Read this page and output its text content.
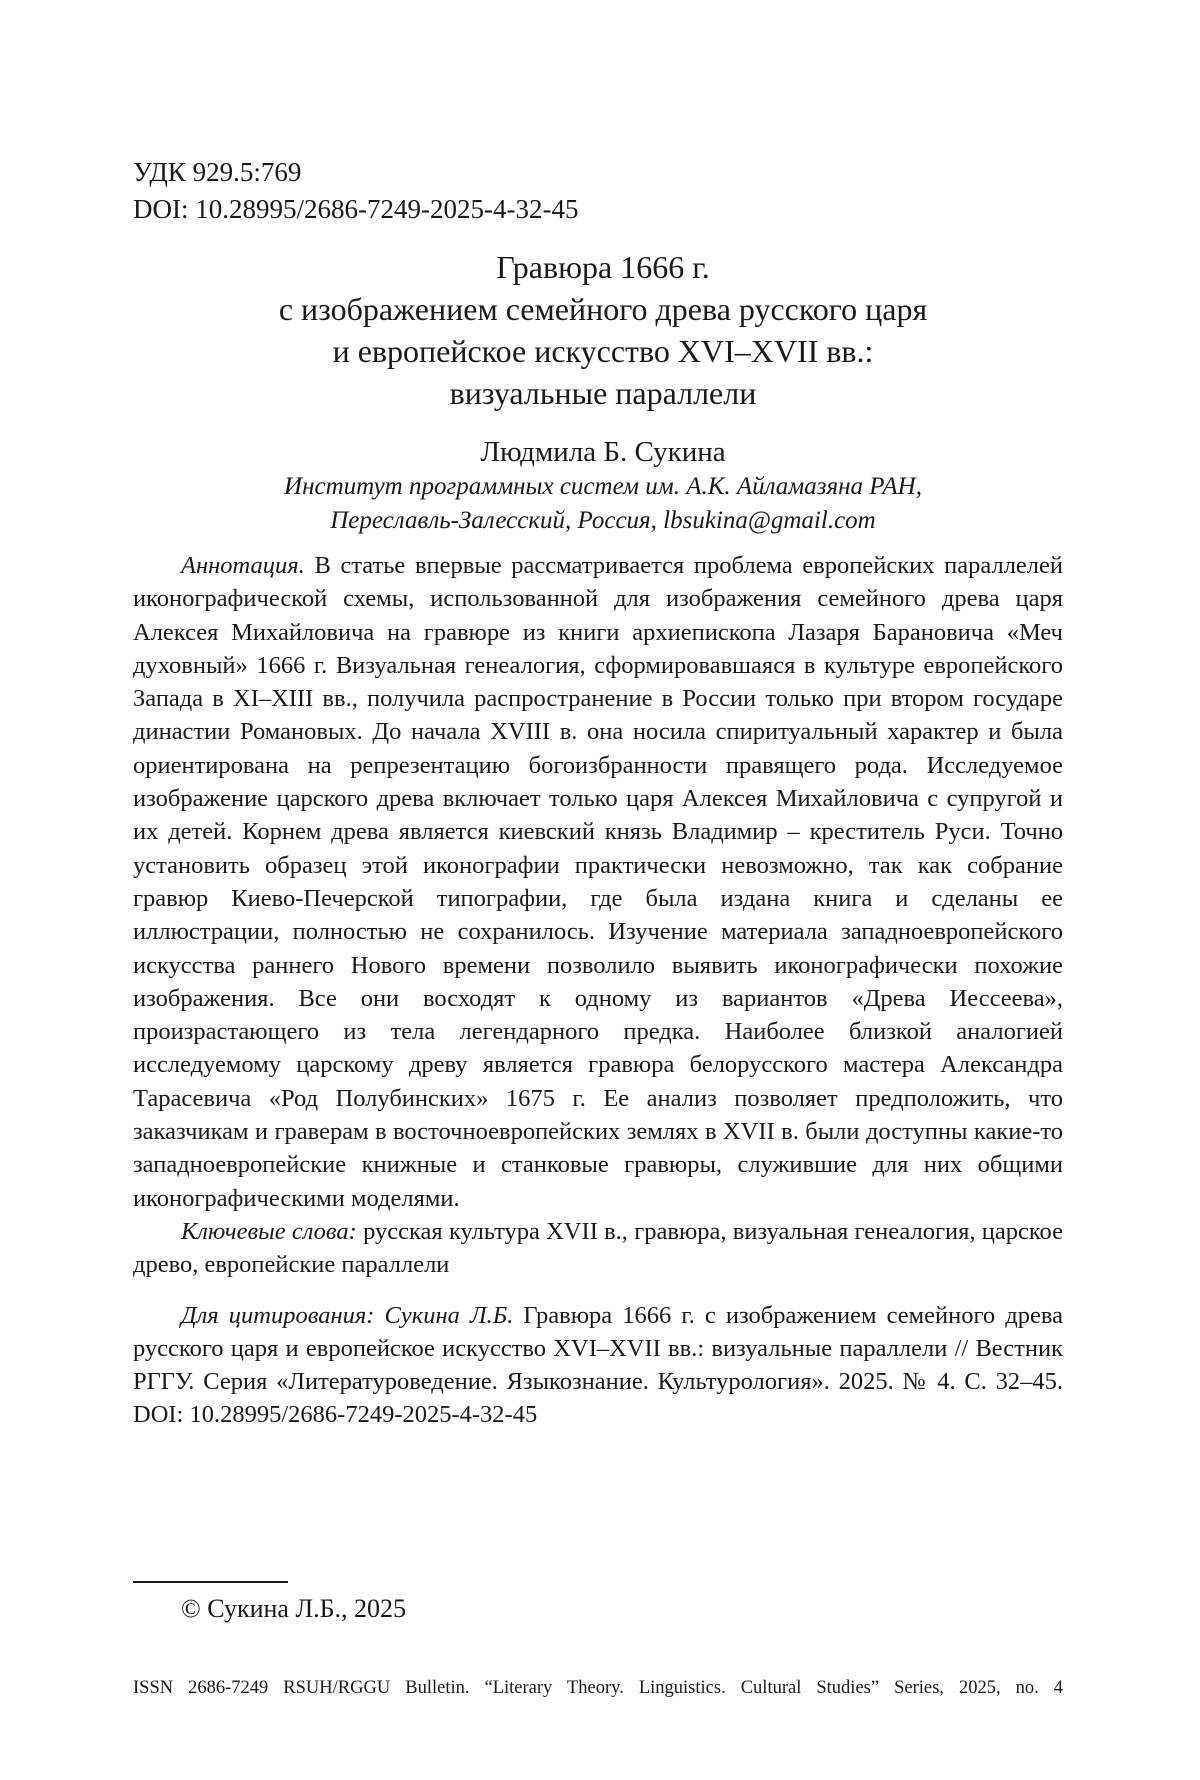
УДК 929.5:769
DOI: 10.28995/2686-7249-2025-4-32-45
Гравюра 1666 г.
с изображением семейного древа русского царя
и европейское искусство XVI–XVII вв.:
визуальные параллели
Людмила Б. Сукина
Институт программных систем им. А.К. Айламазяна РАН,
Переславль-Залесский, Россия, lbsukina@gmail.com

Аннотация. В статье впервые рассматривается проблема европейских параллелей иконографической схемы, использованной для изображения семейного древа царя Алексея Михайловича на гравюре из книги архиепископа Лазаря Барановича «Меч духовный» 1666 г. Визуальная генеалогия, сформировавшаяся в культуре европейского Запада в XI–XIII вв., получила распространение в России только при втором государе династии Романовых. До начала XVIII в. она носила спиритуальный характер и была ориентирована на репрезентацию богоизбранности правящего рода. Исследуемое изображение царского древа включает только царя Алексея Михайловича с супругой и их детей. Корнем древа является киевский князь Владимир – креститель Руси. Точно установить образец этой иконографии практически невозможно, так как собрание гравюр Киево-Печерской типографии, где была издана книга и сделаны ее иллюстрации, полностью не сохранилось. Изучение материала западноевропейского искусства раннего Нового времени позволило выявить иконографически похожие изображения. Все они восходят к одному из вариантов «Древа Иессеева», произрастающего из тела легендарного предка. Наиболее близкой аналогией исследуемому царскому древу является гравюра белорусского мастера Александра Тарасевича «Род Полубинских» 1675 г. Ее анализ позволяет предположить, что заказчикам и граверам в восточноевропейских землях в XVII в. были доступны какие-то западноевропейские книжные и станковые гравюры, служившие для них общими иконографическими моделями.

Ключевые слова: русская культура XVII в., гравюра, визуальная генеалогия, царское древо, европейские параллели

Для цитирования: Сукина Л.Б. Гравюра 1666 г. с изображением семейного древа русского царя и европейское искусство XVI–XVII вв.: визуальные параллели // Вестник РГГУ. Серия «Литературоведение. Языкознание. Культурология». 2025. № 4. С. 32–45. DOI: 10.28995/2686-7249-2025-4-32-45

© Сукина Л.Б., 2025
ISSN 2686-7249 RSUH/RGGU Bulletin. “Literary Theory. Linguistics. Cultural Studies” Series, 2025, no. 4
